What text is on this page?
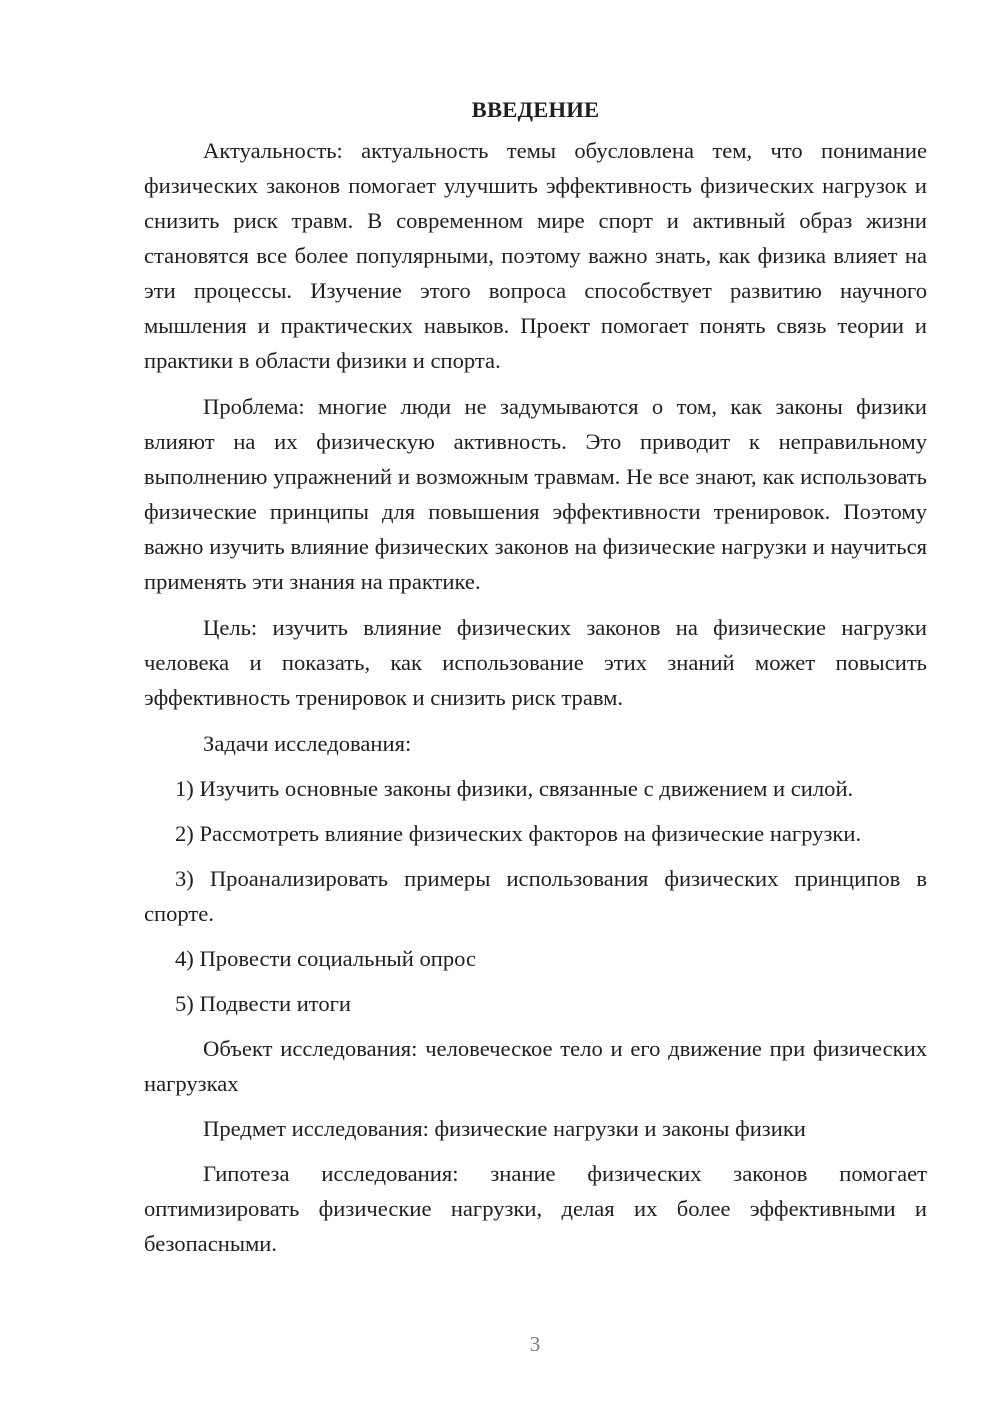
ВВЕДЕНИЕ

Актуальность: актуальность темы обусловлена тем, что понимание физических законов помогает улучшить эффективность физических нагрузок и снизить риск травм. В современном мире спорт и активный образ жизни становятся все более популярными, поэтому важно знать, как физика влияет на эти процессы. Изучение этого вопроса способствует развитию научного мышления и практических навыков. Проект помогает понять связь теории и практики в области физики и спорта.

Проблема: многие люди не задумываются о том, как законы физики влияют на их физическую активность. Это приводит к неправильному выполнению упражнений и возможным травмам. Не все знают, как использовать физические принципы для повышения эффективности тренировок. Поэтому важно изучить влияние физических законов на физические нагрузки и научиться применять эти знания на практике.

Цель: изучить влияние физических законов на физические нагрузки человека и показать, как использование этих знаний может повысить эффективность тренировок и снизить риск травм.

Задачи исследования:

1) Изучить основные законы физики, связанные с движением и силой.

2) Рассмотреть влияние физических факторов на физические нагрузки.

3) Проанализировать примеры использования физических принципов в спорте.

4) Провести социальный опрос

5) Подвести итоги

Объект исследования: человеческое тело и его движение при физических нагрузках

Предмет исследования: физические нагрузки и законы физики

Гипотеза исследования: знание физических законов помогает оптимизировать физические нагрузки, делая их более эффективными и безопасными.

3
